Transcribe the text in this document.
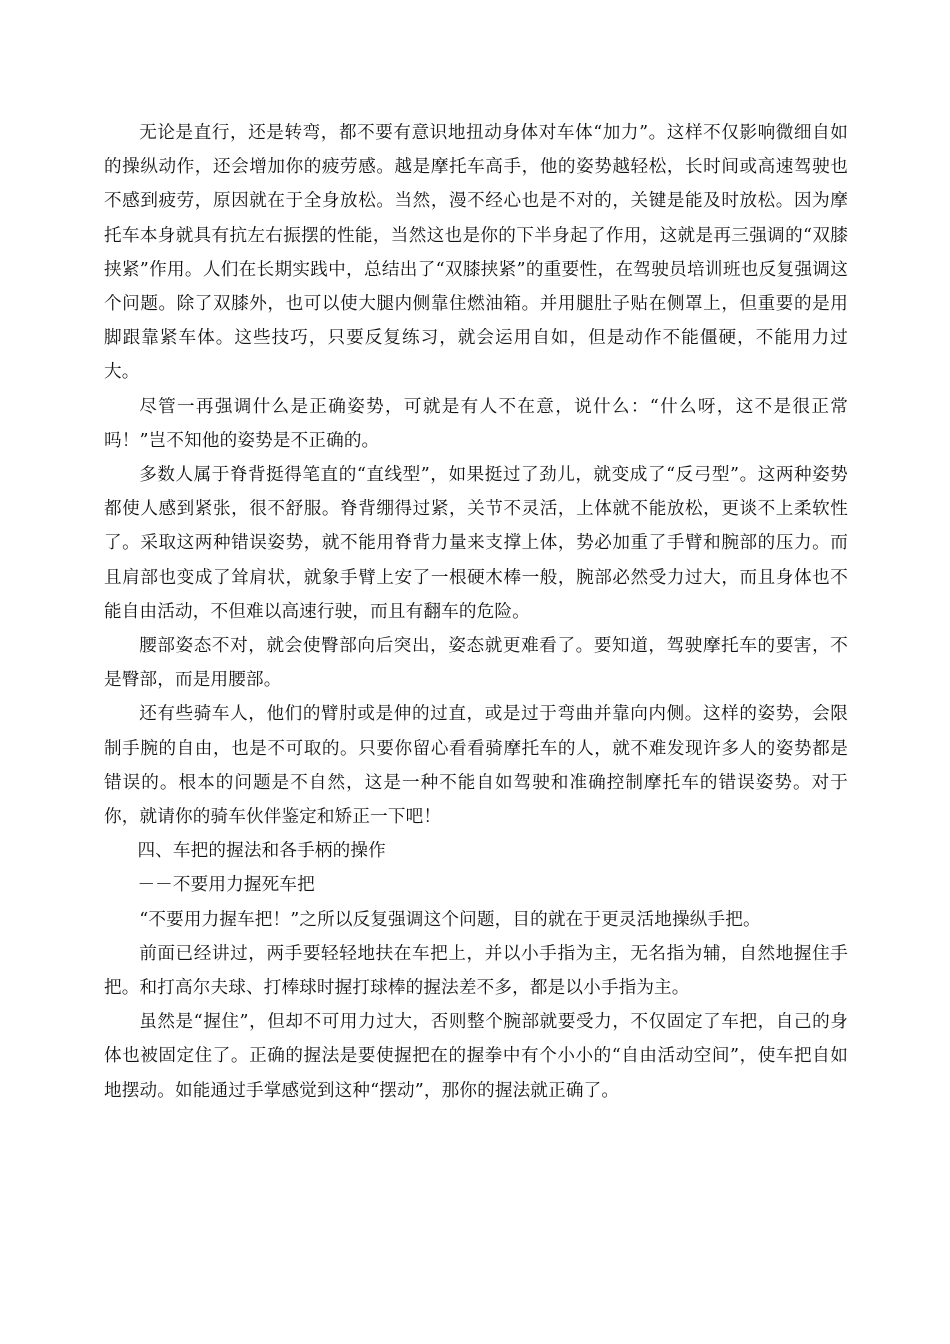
无论是直行，还是转弯，都不要有意识地扭动身体对车体“加力”。这样不仅影响微细自如的操纵动作，还会增加你的疲劳感。越是摩托车高手，他的姿势越轻松，长时间或高速驾驶也不感到疲劳，原因就在于全身放松。当然，漫不经心也是不对的，关键是能及时放松。因为摩托车本身就具有抗左右振摆的性能，当然这也是你的下半身起了作用，这就是再三强调的“双膝挟紧”作用。人们在长期实践中，总结出了“双膝挟紧”的重要性，在驾驶员培训班也反复强调这个问题。除了双膝外，也可以使大腿内侧靠住燃油箱。并用腿肚子贴在侧罩上，但重要的是用脚跟靠紧车体。这些技巧，只要反复练习，就会运用自如，但是动作不能僵硬，不能用力过大。

尽管一再强调什么是正确姿势，可就是有人不在意，说什么：“什么呀，这不是很正常吗！”岂不知他的姿势是不正确的。

多数人属于脊背挺得笔直的“直线型”，如果挺过了劲儿，就变成了“反弓型”。这两种姿势都使人感到紧张，很不舒服。脊背绷得过紧，关节不灵活，上体就不能放松，更谈不上柔软性了。采取这两种错误姿势，就不能用脊背力量来支撑上体，势必加重了手臂和腕部的压力。而且肩部也变成了耸肩状，就象手臂上安了一根硬木棒一般，腕部必然受力过大，而且身体也不能自由活动，不但难以高速行驶，而且有翻车的危险。

腰部姿态不对，就会使臀部向后突出，姿态就更难看了。要知道，驾驶摩托车的要害，不是臀部，而是用腰部。

还有些骑车人，他们的臂肘或是伸的过直，或是过于弯曲并靠向内侧。这样的姿势，会限制手腕的自由，也是不可取的。只要你留心看看骑摩托车的人，就不难发现许多人的姿势都是错误的。根本的问题是不自然，这是一种不能自如驾驶和准确控制摩托车的错误姿势。对于你，就请你的骑车伙伴鉴定和矫正一下吧！

四、车把的握法和各手柄的操作

－－不要用力握死车把

“不要用力握车把！”之所以反复强调这个问题，目的就在于更灵活地操纵手把。

前面已经讲过，两手要轻轻地扶在车把上，并以小手指为主，无名指为辅，自然地握住手把。和打高尔夫球、打棒球时握打球棒的握法差不多，都是以小手指为主。

虽然是“握住”，但却不可用力过大，否则整个腕部就要受力，不仅固定了车把，自己的身体也被固定住了。正确的握法是要使握把在的握拳中有个小小的“自由活动空间”，使车把自如地摆动。如能通过手掌感觉到这种“摆动”，那你的握法就正确了。
